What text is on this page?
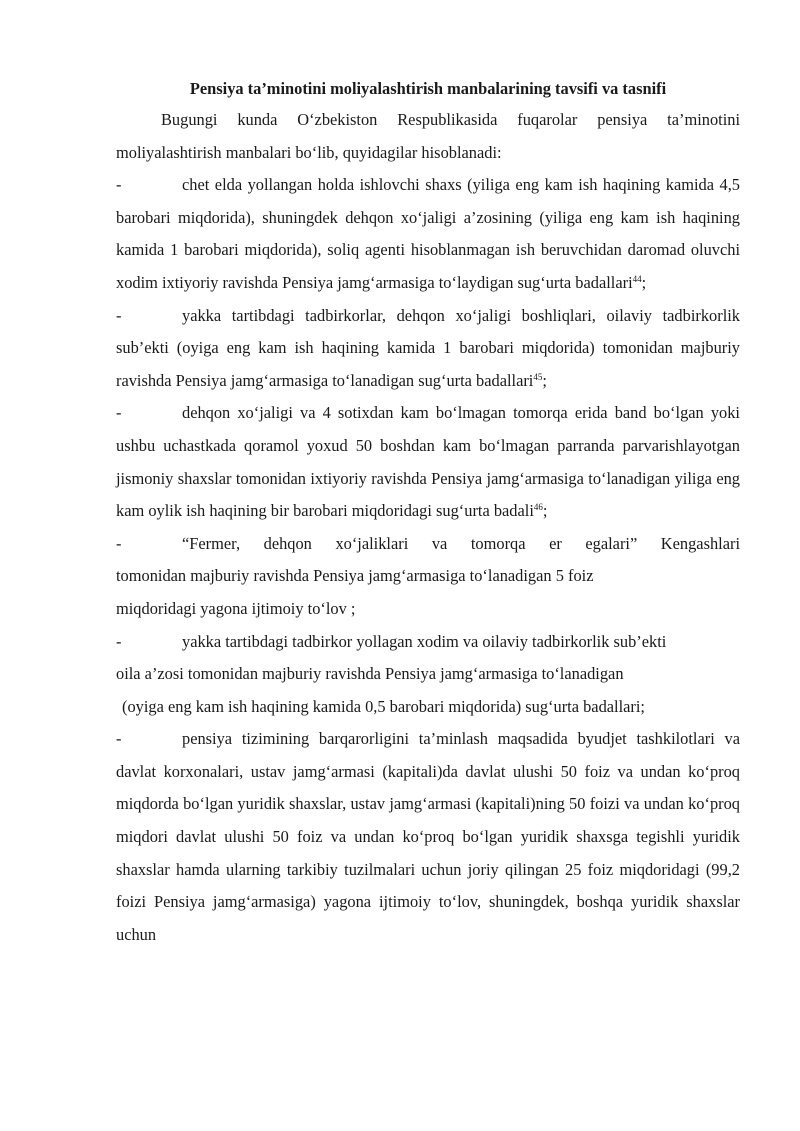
Pensiya ta’minotini moliyalashtirish manbalarining tavsifi va tasnifi

Bugungi kunda O‘zbekiston Respublikasida fuqarolar pensiya ta’minotini moliyalashtirish manbalari bo‘lib, quyidagilar hisoblanadi:

-	chet elda yollangan holda ishlovchi shaxs (yiliga eng kam ish haqining kamida 4,5 barobari miqdorida), shuningdek dehqon xo‘jaligi a’zosining (yiliga eng kam ish haqining kamida 1 barobari miqdorida), soliq agenti hisoblanmagan ish beruvchidan daromad oluvchi xodim ixtiyoriy ravishda Pensiya jamg‘armasiga to‘laydigan sug‘urta badallari$^{44}$;

-	yakka tartibdagi tadbirkorlar, dehqon xo‘jaligi boshliqlari, oilaviy tadbirkorlik sub’ekti (oyiga eng kam ish haqining kamida 1 barobari miqdorida) tomonidan majburiy ravishda Pensiya jamg‘armasiga to‘lanadigan sug‘urta badallari$^{45}$;

-	dehqon xo‘jaligi va 4 sotixdan kam bo‘lmagan tomorqa erida band bo‘lgan yoki ushbu uchastkada qoramol yoxud 50 boshdan kam bo‘lmagan parranda parvarishlayotgan jismoniy shaxslar tomonidan ixtiyoriy ravishda Pensiya jamg‘armasiga to‘lanadigan yiliga eng kam oylik ish haqining bir barobari miqdoridagi sug‘urta badali$^{46}$;

-	“Fermer, dehqon xo‘jaliklari va tomorqa er egalari” Kengashlari

tomonidan majburiy ravishda Pensiya jamg‘armasiga to‘lanadigan 5 foiz
miqdoridagi yagona ijtimoiy to‘lov ;

-	yakka tartibdagi tadbirkor yollagan xodim va oilaviy tadbirkorlik sub’ekti

oila a’zosi tomonidan majburiy ravishda Pensiya jamg‘armasiga to‘lanadigan
(oyiga eng kam ish haqining kamida 0,5 barobari miqdorida) sug‘urta badallari;

-	pensiya tizimining barqarorligini ta’minlash maqsadida byudjet tashkilotlari va davlat korxonalari, ustav jamg‘armasi (kapitali)da davlat ulushi 50 foiz va undan ko‘proq miqdorda bo‘lgan yuridik shaxslar, ustav jamg‘armasi (kapitali)ning 50 foizi va undan ko‘proq miqdori davlat ulushi 50 foiz va undan ko‘proq bo‘lgan yuridik shaxsga tegishli yuridik shaxslar hamda ularning tarkibiy tuzilmalari uchun joriy qilingan 25 foiz miqdoridagi (99,2 foizi Pensiya jamg‘armasiga) yagona ijtimoiy to‘lov, shuningdek, boshqa yuridik shaxslar uchun
